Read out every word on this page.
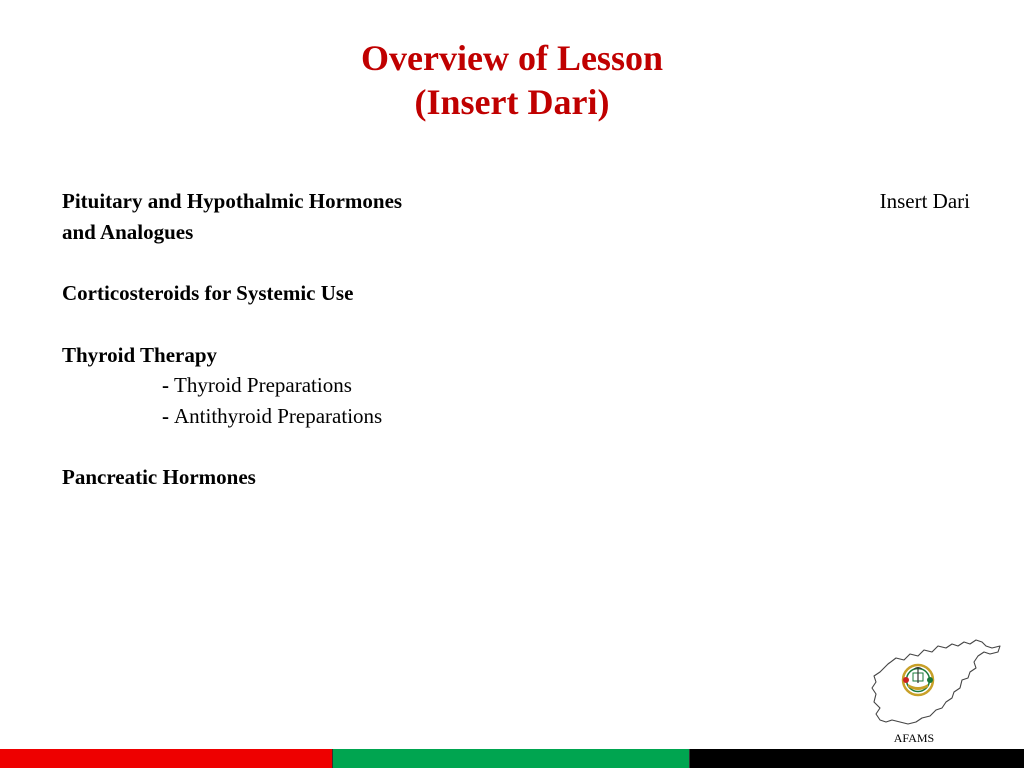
Overview of Lesson
(Insert Dari)
Pituitary and Hypothalmic Hormones
and Analogues
Corticosteroids for Systemic Use
Thyroid Therapy
- Thyroid Preparations
- Antithyroid Preparations
Pancreatic Hormones
Insert Dari
AFAMS
